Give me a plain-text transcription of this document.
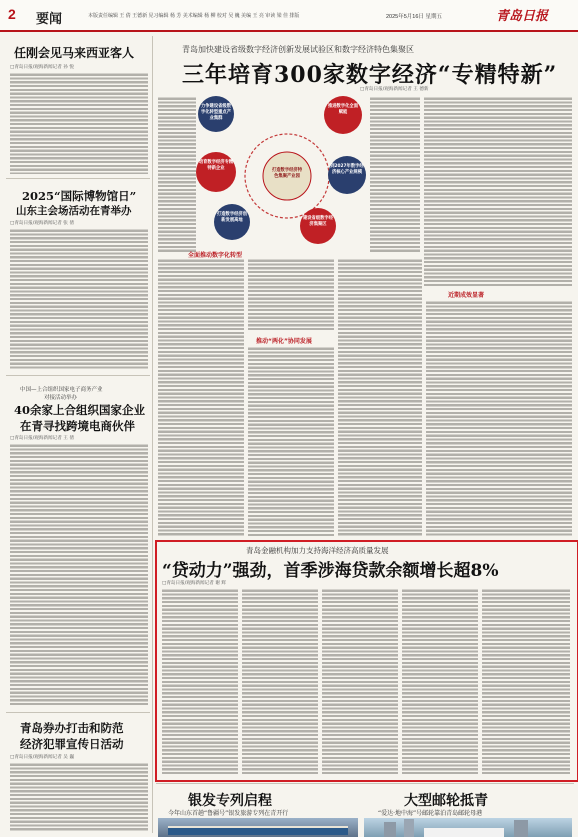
2 要闻	本版责任编辑 王 倩 王德新 见习编辑 杨 芳 美术编辑 杨 柳 校对 吴 巍 美编 王 亮 审读 梁 佳 排版	2025年5月16日 星期五	青岛日报
任刚会见马来西亚客人
□青岛日报/观海新闻记者 孙 悦
2025“国际博物馆日”
山东主会场活动在青举办
□青岛日报/观海新闻记者 张 倩
中国—上合组织国家电子商务产业
对接活动举办
40余家上合组织国家企业
在青寻找跨境电商伙伴
□青岛日报/观海新闻记者 王 倩
青岛券办打击和防范
经济犯罪宣传日活动
□青岛日报/观海新闻记者 吴 巍
青岛加快建设省级数字经济创新发展试验区和数字经济特色集聚区
三年培育300家数字经济“专精特新”
□青岛日报/观海新闻记者 王 德新
打造数字经济特色集聚产业园
力争建设省级数字化转型重点产业集群
培育数字经济专精特新企业
打造数字经济创新发展高地
推进数字化全面赋能
到2027年数字经济核心产业规模
建设省级数字经济集聚区
推动“两化”协同发展
全面推动数字化转型
近期成效显著
青岛金融机构加力支持海洋经济高质量发展
“贷动力”强劲，首季涉海贷款余额增长超8%
□青岛日报/观海新闻记者 谢 辉
银发专列启程
今年山东首趟“鲁疆号”银发旅游专列在青开行
大型邮轮抵青
“爱达·地中海”号邮轮靠泊青岛邮轮母港
